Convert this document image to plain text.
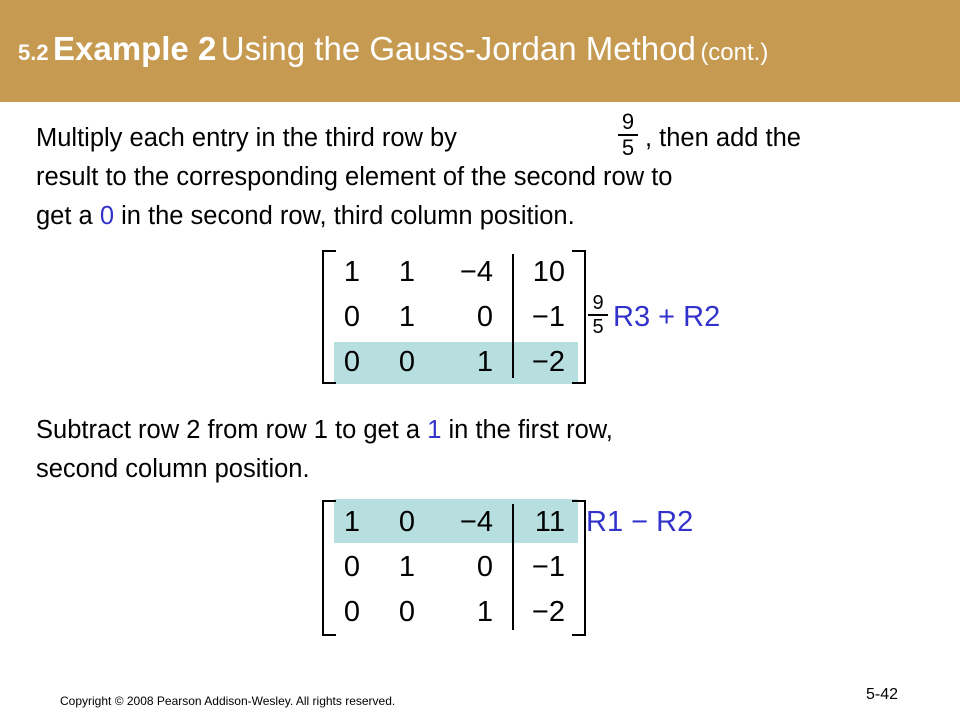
5.2 Example 2 Using the Gauss-Jordan Method (cont.)
Multiply each entry in the third row by
9
5 , then add the
result to the corresponding element of the second row to
get a 0 in the second row, third column position.
1	1 −4 10
0	1	0 −1
0	0	1 −2
9
5 R3 + R2
Subtract row 2 from row 1 to get a 1 in the first row,
second column position.
1	0 −4	11
0	1	0 −1
0	0	1 −2
R1 − R2
Copyright © 2008 Pearson Addison-Wesley. All rights reserved.	5-42
